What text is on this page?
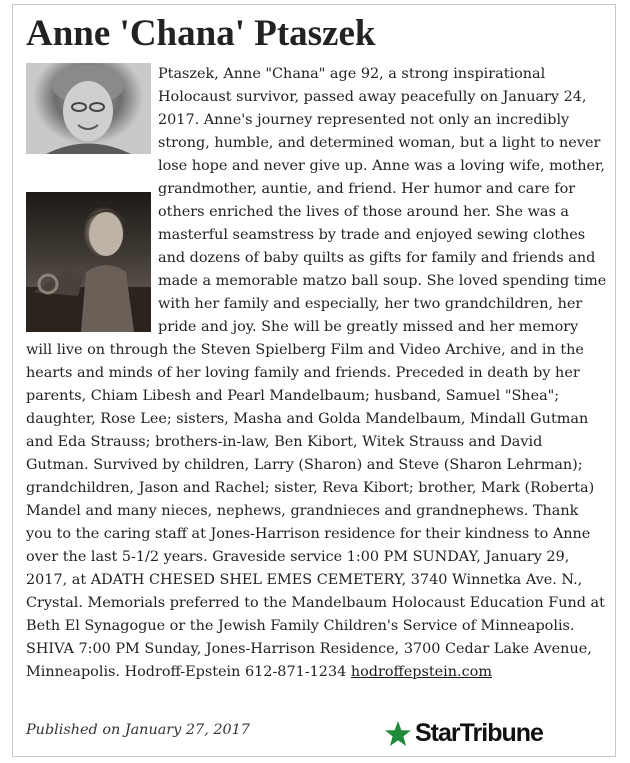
Anne 'Chana' Ptaszek
Ptaszek, Anne "Chana" age 92, a strong inspirational Holocaust survivor, passed away peacefully on January 24, 2017. Anne's journey represented not only an incredibly strong, humble, and determined woman, but a light to never lose hope and never give up. Anne was a loving wife, mother, grandmother, auntie, and friend. Her humor and care for others enriched the lives of those around her. She was a masterful seamstress by trade and enjoyed sewing clothes and dozens of baby quilts as gifts for family and friends and made a memorable matzo ball soup. She loved spending time with her family and especially, her two grandchildren, her pride and joy. She will be greatly missed and her memory will live on through the Steven Spielberg Film and Video Archive, and in the hearts and minds of her loving family and friends. Preceded in death by her parents, Chiam Libesh and Pearl Mandelbaum; husband, Samuel "Shea"; daughter, Rose Lee; sisters, Masha and Golda Mandelbaum, Mindall Gutman and Eda Strauss; brothers-in-law, Ben Kibort, Witek Strauss and David Gutman. Survived by children, Larry (Sharon) and Steve (Sharon Lehrman); grandchildren, Jason and Rachel; sister, Reva Kibort; brother, Mark (Roberta) Mandel and many nieces, nephews, grandnieces and grandnephews. Thank you to the caring staff at Jones-Harrison residence for their kindness to Anne over the last 5-1/2 years. Graveside service 1:00 PM SUNDAY, January 29, 2017, at ADATH CHESED SHEL EMES CEMETERY, 3740 Winnetka Ave. N., Crystal. Memorials preferred to the Mandelbaum Holocaust Education Fund at Beth El Synagogue or the Jewish Family Children's Service of Minneapolis. SHIVA 7:00 PM Sunday, Jones-Harrison Residence, 3700 Cedar Lake Avenue, Minneapolis. Hodroff-Epstein 612-871-1234 hodroffepstein.com
Published on January 27, 2017	StarTribune
